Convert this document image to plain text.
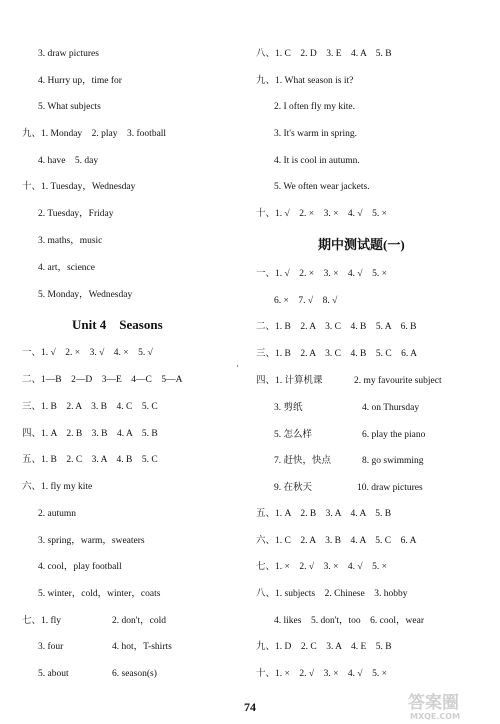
3. draw pictures
4. Hurry up，time for
5. What subjects
九、1. Monday　2. play　3. football
4. have　5. day
十、1. Tuesday，Wednesday
2. Tuesday，Friday
3. maths，music
4. art，science
5. Monday，Wednesday
Unit 4　Seasons
一、1. √　2. ×　3. √　4. ×　5. √
二、1—B　2—D　3—E　4—C　5—A
三、1. B　2. A　3. B　4. C　5. C
四、1. A　2. B　3. B　4. A　5. B
五、1. B　2. C　3. A　4. B　5. C
六、1. fly my kite
2. autumn
3. spring，warm，sweaters
4. cool，play football
5. winter，cold，winter，coats
七、1. fly	2. don't，cold
3. four	4. hot，T-shirts
5. about	6. season(s)
八、1. C　2. D　3. E　4. A　5. B
九、1. What season is it?
2. I often fly my kite.
3. It's warm in spring.
4. It is cool in autumn.
5. We often wear jackets.
十、1. √　2. ×　3. ×　4. √　5. ×
期中测试题(一)
一、1. √　2. ×　3. ×　4. √　5. ×
6. ×　7. √　8. √
二、1. B　2. A　3. C　4. B　5. A　6. B
三、1. B　2. A　3. C　4. B　5. C　6. A
四、1. 计算机课	2. my favourite subject
3. 剪纸	4. on Thursday
5. 怎么样	6. play the piano
7. 赶快，快点	8. go swimming
9. 在秋天	10. draw pictures
五、1. A　2. B　3. A　4. A　5. B
六、1. C　2. A　3. B　4. A　5. C　6. A
七、1. ×　2. √　3. ×　4. √　5. ×
八、1. subjects　2. Chinese　3. hobby
4. likes　5. don't，too　6. cool，wear
九、1. D　2. C　3. A　4. E　5. B
十、1. ×　2. √　3. ×　4. √　5. ×
·
74	答案圈
MXQE.COM
